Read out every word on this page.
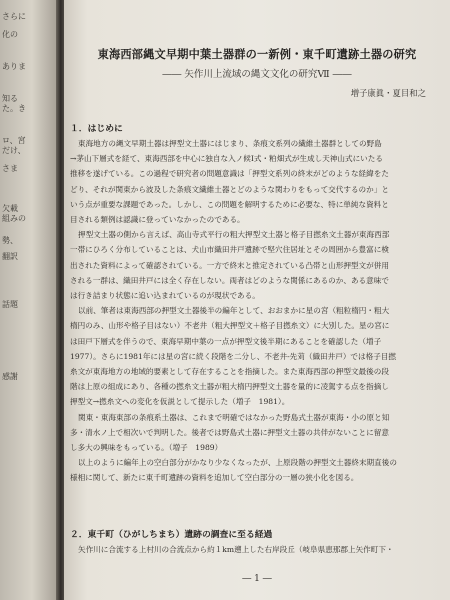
さらに
化の
ありま
知る
た。き
ロ、宮
だけ、
さま
欠載
組みの
勢、
翻訳
話題
感謝
東海西部縄文早期中葉土器群の一新例・東千町遺跡土器の研究
―― 矢作川上流域の縄文文化の研究Ⅶ ――
増子康眞・夏目和之
１．はじめに
東海地方の縄文早期土器は押型文土器にはじまり、条痕文系列の繊維土器群としての野島
→茅山下層式を経て、東海西部を中心に独自な入ノ候Ⅰ式・粕畑式が生成し天神山式にいたる
推移を遂げている。この過程で研究者の問題意識は「押型文系列の終末がどのような経緯をた
どり、それが関東から波及した条痕文繊維土器とどのような関わりをもって交代するのか」と
いう点が重要な課題であった。しかし、この問題を解明するために必要な、特に単純な資料と
目される類例は認識に登っていなかったのである。
押型文土器の側から言えば、高山寺式平行の粗大押型文土器と格子目撚糸文土器が東海西部
一帯にひろく分布していることは、犬山市織田井戸遺跡で堅穴住居址とその周囲から豊富に検
出された資料によって確認されている。一方で終末と推定されている凸帯と山形押型文が併用
される一群は、織田井戸には全く存在しない。両者はどのような関係にあるのか、ある意味で
は行き詰まり状態に追い込まれているのが現状である。
以前、筆者は東海西部の押型文土器後半の編年として、おおまかに星の宮（粗粒楕円・粗大
楕円のみ、山形や格子目はない）不老井（粗大押型文＋格子目撚糸文）に大別した。星の宮に
は田戸下層式を伴うので、東海早期中葉の一点が押型文後半期にあることを確認した（増子
1977）。さらに1981年には星の宮に続く段階を二分し、不老井-先苅（織田井戸）では格子目撚
糸文が東海地方の地域的要素として存在することを指摘した。また東海西部の押型文最後の段
階は上原の組成にあり、各種の撚糸文土器が粗大楕円押型文土器を量的に凌駕する点を指摘し
押型文→撚糸文への変化を仮説として提示した（増子　1981）。
関東・東海東部の条痕系土器は、これまで明確ではなかった野島式土器が東海・小の原と知
多・清水ノ上で相次いで判明した。後者では野島式土器に押型文土器の共伴がないことに留意
し多大の興味をもっている。（増子　1989）
以上のように編年上の空白部分がかなり少なくなったが、上原段階の押型文土器終末期直後の
様相に関して、新たに東千町遺跡の資料を追加して空白部分の一層の狭小化を図る。
２．東千町（ひがしちまち）遺跡の調査に至る経過
矢作川に合流する上村川の合流点から約１km遡上した右岸段丘（岐阜県恵那郡上矢作町下・
― 1 ―
